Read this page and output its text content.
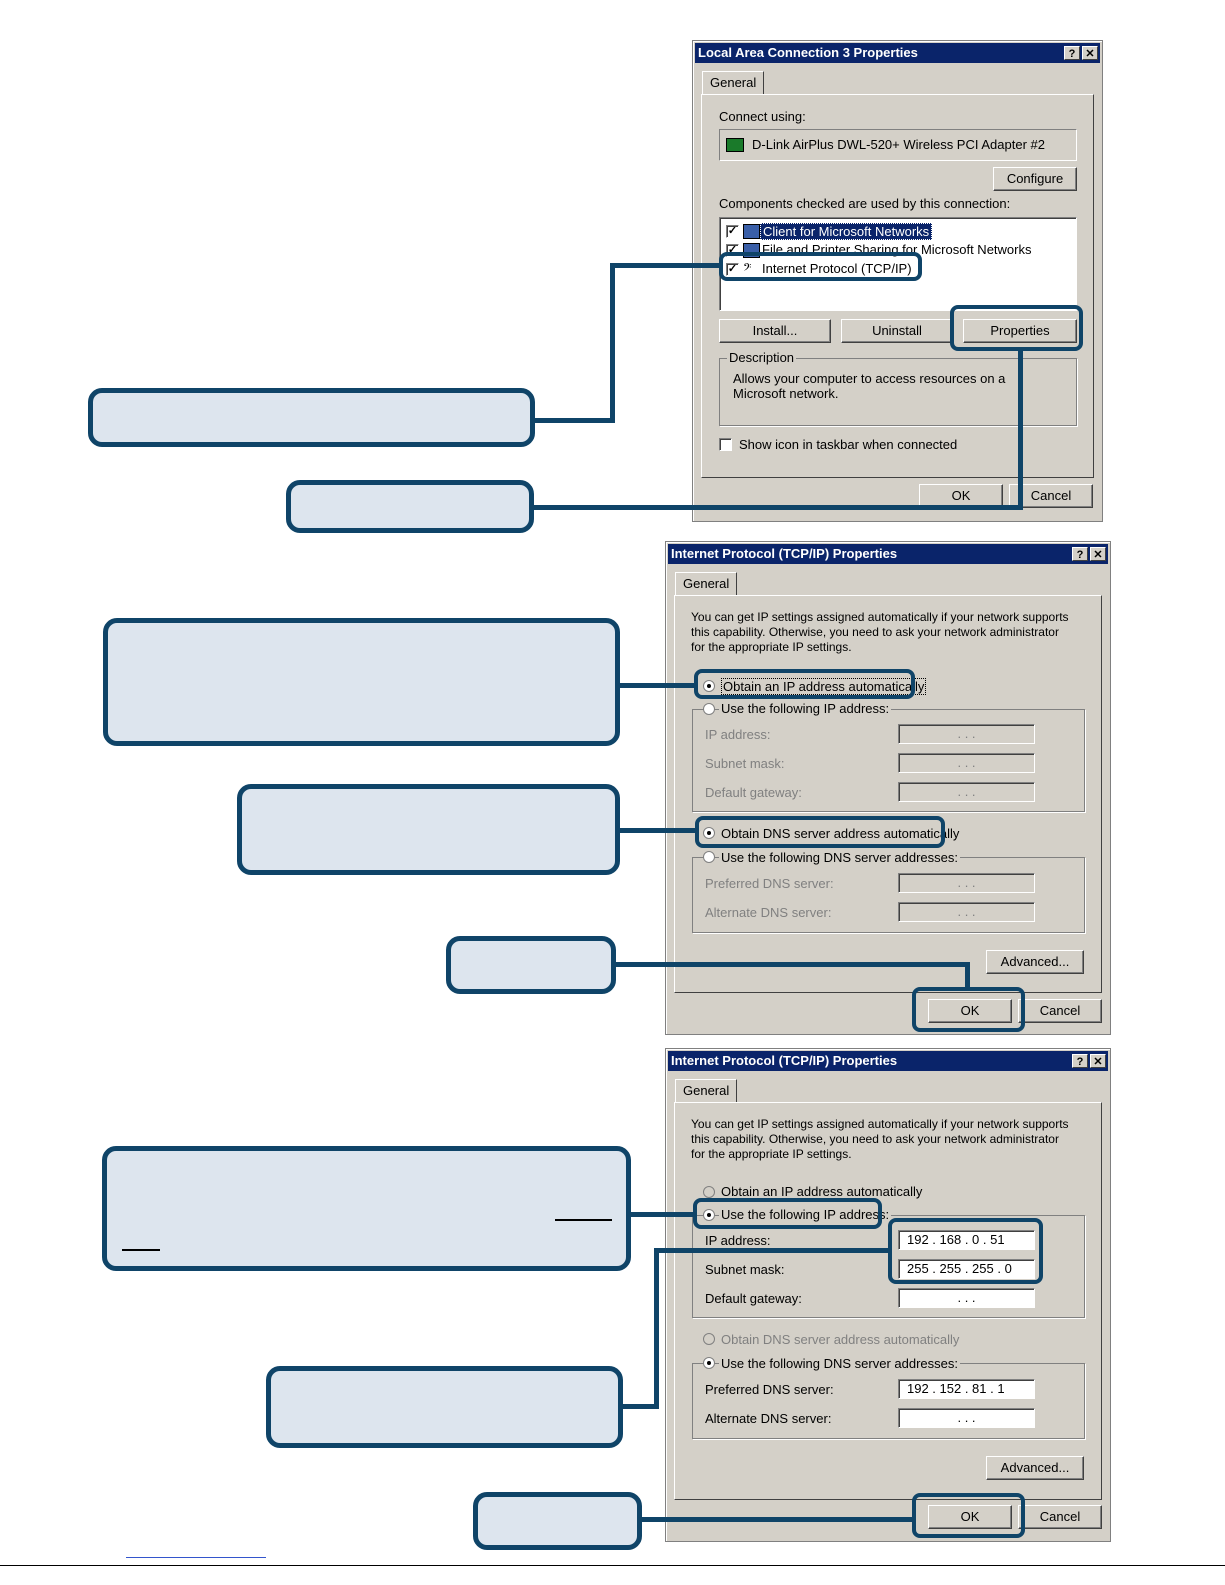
Local Area Connection 3 Properties	? ✕
General
Connect using:
D-Link AirPlus DWL-520+ Wireless PCI Adapter #2
Configure
Components checked are used by this connection:
✓ Client for Microsoft Networks
✓ File and Printer Sharing for Microsoft Networks
✓ 𝄢 Internet Protocol (TCP/IP)
Install...	Uninstall	Properties
Description
Allows your computer to access resources on a Microsoft network.
Show icon in taskbar when connected
OK	Cancel
Internet Protocol (TCP/IP) Properties	? ✕
General
You can get IP settings assigned automatically if your network supports this capability. Otherwise, you need to ask your network administrator for the appropriate IP settings.
Obtain an IP address automatically
Use the following IP address:
IP address:	. . .
Subnet mask:	. . .
Default gateway:	. . .
Obtain DNS server address automatically
Use the following DNS server addresses:
Preferred DNS server:	. . .
Alternate DNS server:	. . .
Advanced...
OK	Cancel
Internet Protocol (TCP/IP) Properties	? ✕
General
You can get IP settings assigned automatically if your network supports this capability. Otherwise, you need to ask your network administrator for the appropriate IP settings.
Obtain an IP address automatically
Use the following IP address:
IP address:	192 . 168 . 0 . 51
Subnet mask:	255 . 255 . 255 . 0
Default gateway:	. . .
Obtain DNS server address automatically
Use the following DNS server addresses:
Preferred DNS server:	192 . 152 . 81 . 1
Alternate DNS server:	. . .
Advanced...
OK	Cancel
